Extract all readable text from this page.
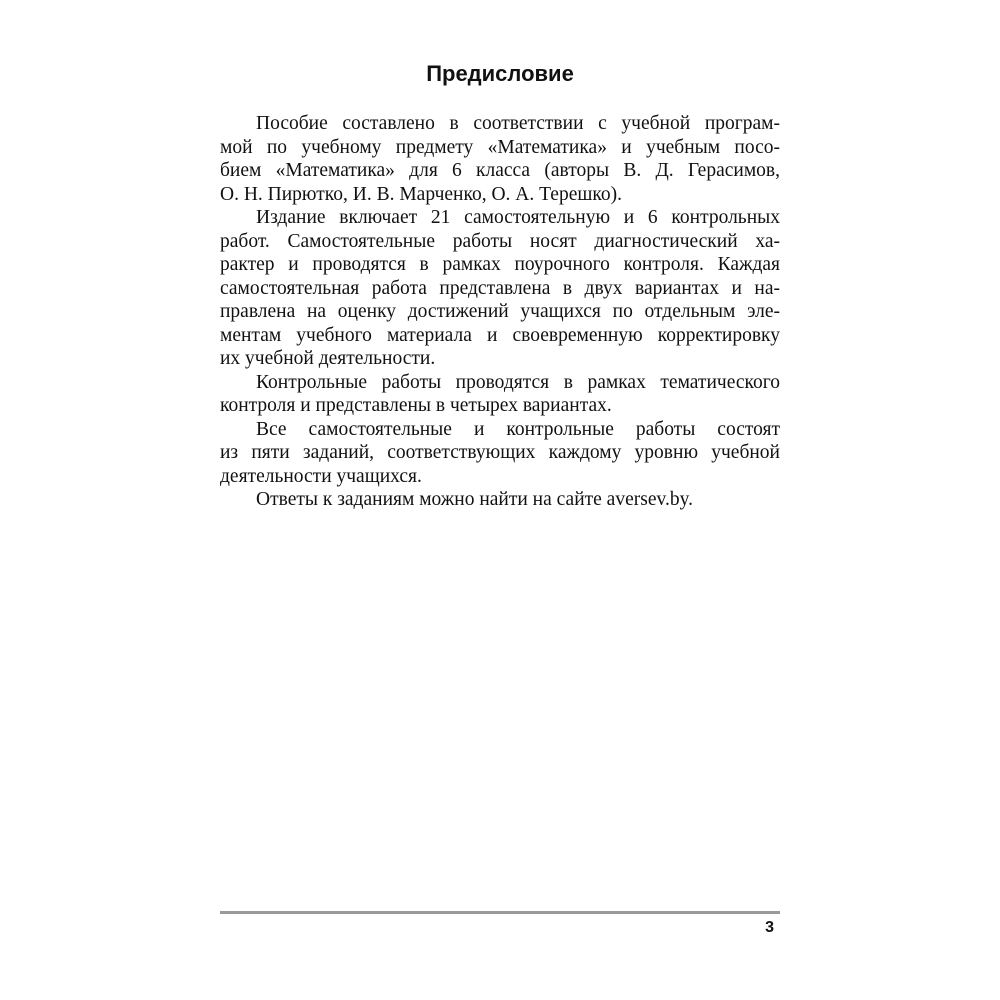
Предисловие
Пособие составлено в соответствии с учебной програм-
мой по учебному предмету «Математика» и учебным посо-
бием «Математика» для 6 класса (авторы В. Д. Герасимов,
О. Н. Пирютко, И. В. Марченко, О. А. Терешко).
Издание включает 21 самостоятельную и 6 контрольных
работ. Самостоятельные работы носят диагностический ха-
рактер и проводятся в рамках поурочного контроля. Каждая
самостоятельная работа представлена в двух вариантах и на-
правлена на оценку достижений учащихся по отдельным эле-
ментам учебного материала и своевременную корректировку
их учебной деятельности.
Контрольные работы проводятся в рамках тематического
контроля и представлены в четырех вариантах.
Все самостоятельные и контрольные работы состоят
из пяти заданий, соответствующих каждому уровню учебной
деятельности учащихся.
Ответы к заданиям можно найти на сайте aversev.by.
3
